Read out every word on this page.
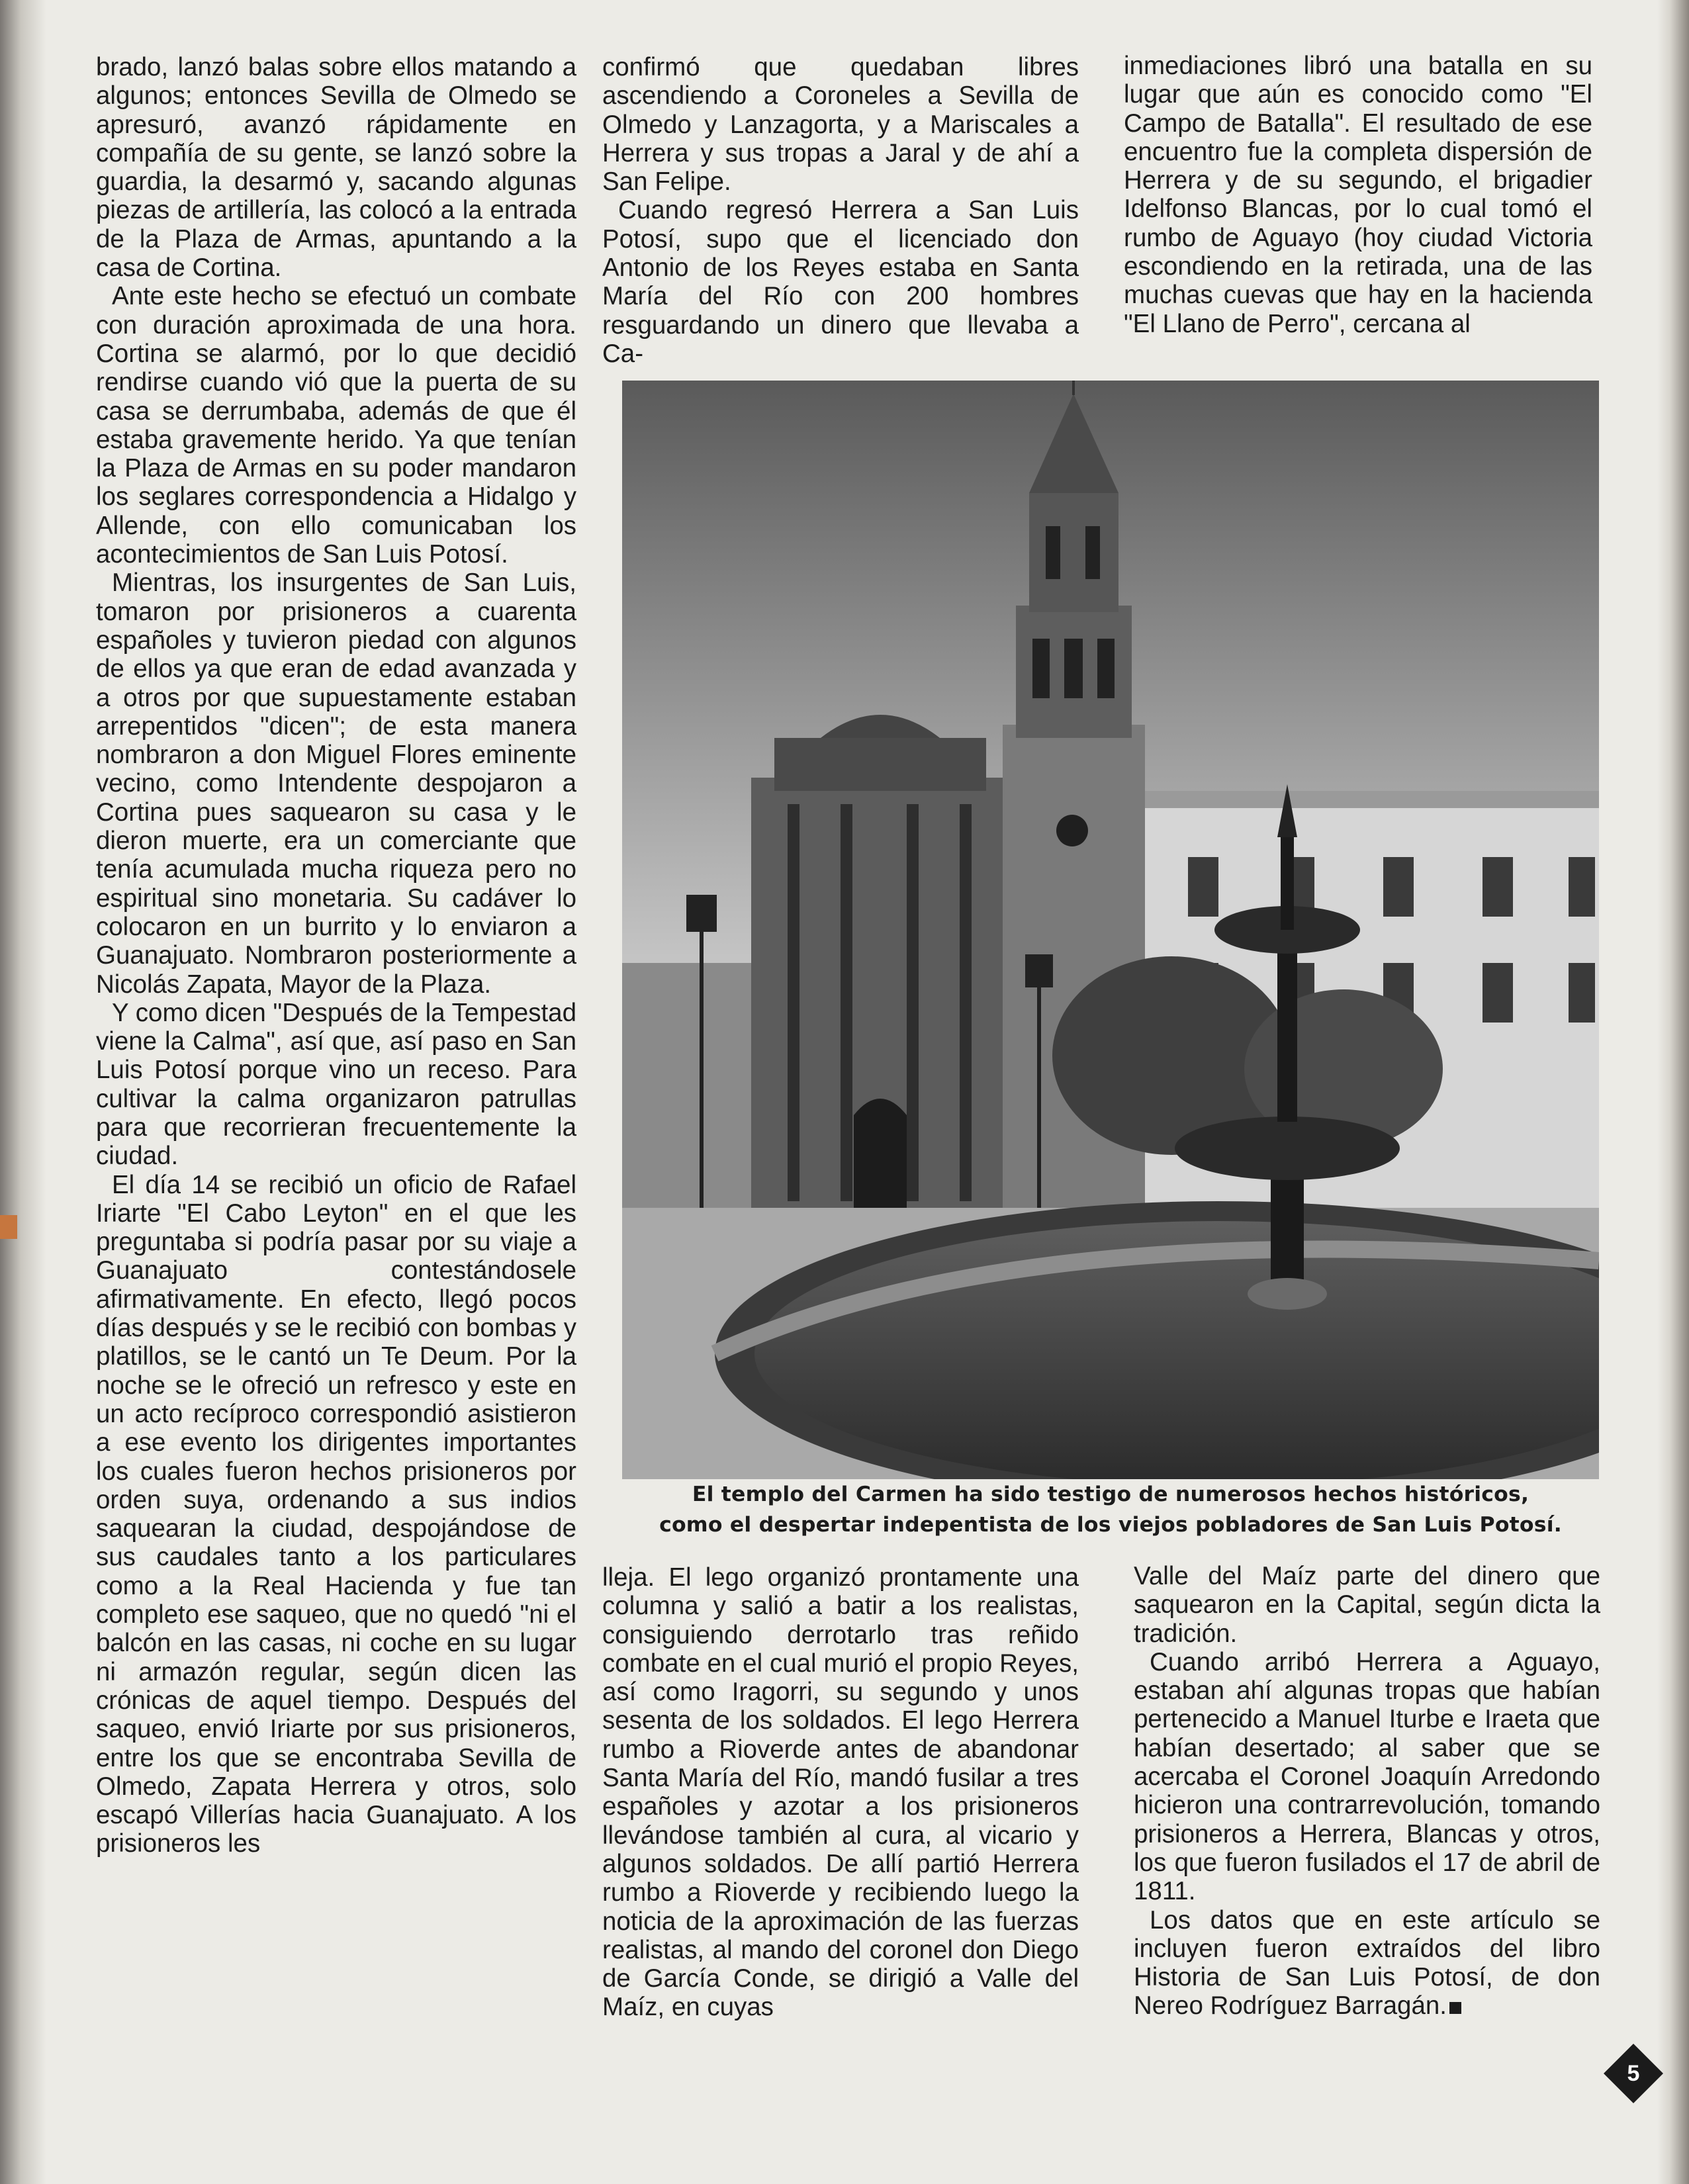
brado, lanzó balas sobre ellos matando a algunos; entonces Sevilla de Olmedo se apresuró, avanzó rápidamente en compañía de su gente, se lanzó sobre la guardia, la desarmó y, sacando algunas piezas de artillería, las colocó a la entrada de la Plaza de Armas, apuntando a la casa de Cortina.

Ante este hecho se efectuó un combate con duración aproximada de una hora. Cortina se alarmó, por lo que decidió rendirse cuando vió que la puerta de su casa se derrumbaba, además de que él estaba gravemente herido. Ya que tenían la Plaza de Armas en su poder mandaron los seglares correspondencia a Hidalgo y Allende, con ello comunicaban los acontecimientos de San Luis Potosí.

Mientras, los insurgentes de San Luis, tomaron por prisioneros a cuarenta españoles y tuvieron piedad con algunos de ellos ya que eran de edad avanzada y a otros por que supuestamente estaban arrepentidos "dicen"; de esta manera nombraron a don Miguel Flores eminente vecino, como Intendente despojaron a Cortina pues saquearon su casa y le dieron muerte, era un comerciante que tenía acumulada mucha riqueza pero no espiritual sino monetaria. Su cadáver lo colocaron en un burrito y lo enviaron a Guanajuato. Nombraron posteriormente a Nicolás Zapata, Mayor de la Plaza.

Y como dicen "Después de la Tempestad viene la Calma", así que, así paso en San Luis Potosí porque vino un receso. Para cultivar la calma organizaron patrullas para que recorrieran frecuentemente la ciudad.

El día 14 se recibió un oficio de Rafael Iriarte "El Cabo Leyton" en el que les preguntaba si podría pasar por su viaje a Guanajuato contestándosele afirmativamente. En efecto, llegó pocos días después y se le recibió con bombas y platillos, se le cantó un Te Deum. Por la noche se le ofreció un refresco y este en un acto recíproco correspondió asistieron a ese evento los dirigentes importantes los cuales fueron hechos prisioneros por orden suya, ordenando a sus indios saquearan la ciudad, despojándose de sus caudales tanto a los particulares como a la Real Hacienda y fue tan completo ese saqueo, que no quedó "ni el balcón en las casas, ni coche en su lugar ni armazón regular, según dicen las crónicas de aquel tiempo. Después del saqueo, envió Iriarte por sus prisioneros, entre los que se encontraba Sevilla de Olmedo, Zapata Herrera y otros, solo escapó Villerías hacia Guanajuato. A los prisioneros les

confirmó que quedaban libres ascendiendo a Coroneles a Sevilla de Olmedo y Lanzagorta, y a Mariscales a Herrera y sus tropas a Jaral y de ahí a San Felipe.

Cuando regresó Herrera a San Luis Potosí, supo que el licenciado don Antonio de los Reyes estaba en Santa María del Río con 200 hombres resguardando un dinero que llevaba a Ca-

inmediaciones libró una batalla en su lugar que aún es conocido como "El Campo de Batalla". El resultado de ese encuentro fue la completa dispersión de Herrera y de su segundo, el brigadier Idelfonso Blancas, por lo cual tomó el rumbo de Aguayo (hoy ciudad Victoria escondiendo en la retirada, una de las muchas cuevas que hay en la hacienda "El Llano de Perro", cercana al

El templo del Carmen ha sido testigo de numerosos hechos históricos,
como el despertar indepentista de los viejos pobladores de San Luis Potosí.

lleja. El lego organizó prontamente una columna y salió a batir a los realistas, consiguiendo derrotarlo tras reñido combate en el cual murió el propio Reyes, así como Iragorri, su segundo y unos sesenta de los soldados. El lego Herrera rumbo a Rioverde antes de abandonar Santa María del Río, mandó fusilar a tres españoles y azotar a los prisioneros llevándose también al cura, al vicario y algunos soldados. De allí partió Herrera rumbo a Rioverde y recibiendo luego la noticia de la aproximación de las fuerzas realistas, al mando del coronel don Diego de García Conde, se dirigió a Valle del Maíz, en cuyas

Valle del Maíz parte del dinero que saquearon en la Capital, según dicta la tradición.

Cuando arribó Herrera a Aguayo, estaban ahí algunas tropas que habían pertenecido a Manuel Iturbe e Iraeta que habían desertado; al saber que se acercaba el Coronel Joaquín Arredondo hicieron una contrarrevolución, tomando prisioneros a Herrera, Blancas y otros, los que fueron fusilados el 17 de abril de 1811.

Los datos que en este artículo se incluyen fueron extraídos del libro Historia de San Luis Potosí, de don Nereo Rodríguez Barragán.

5
